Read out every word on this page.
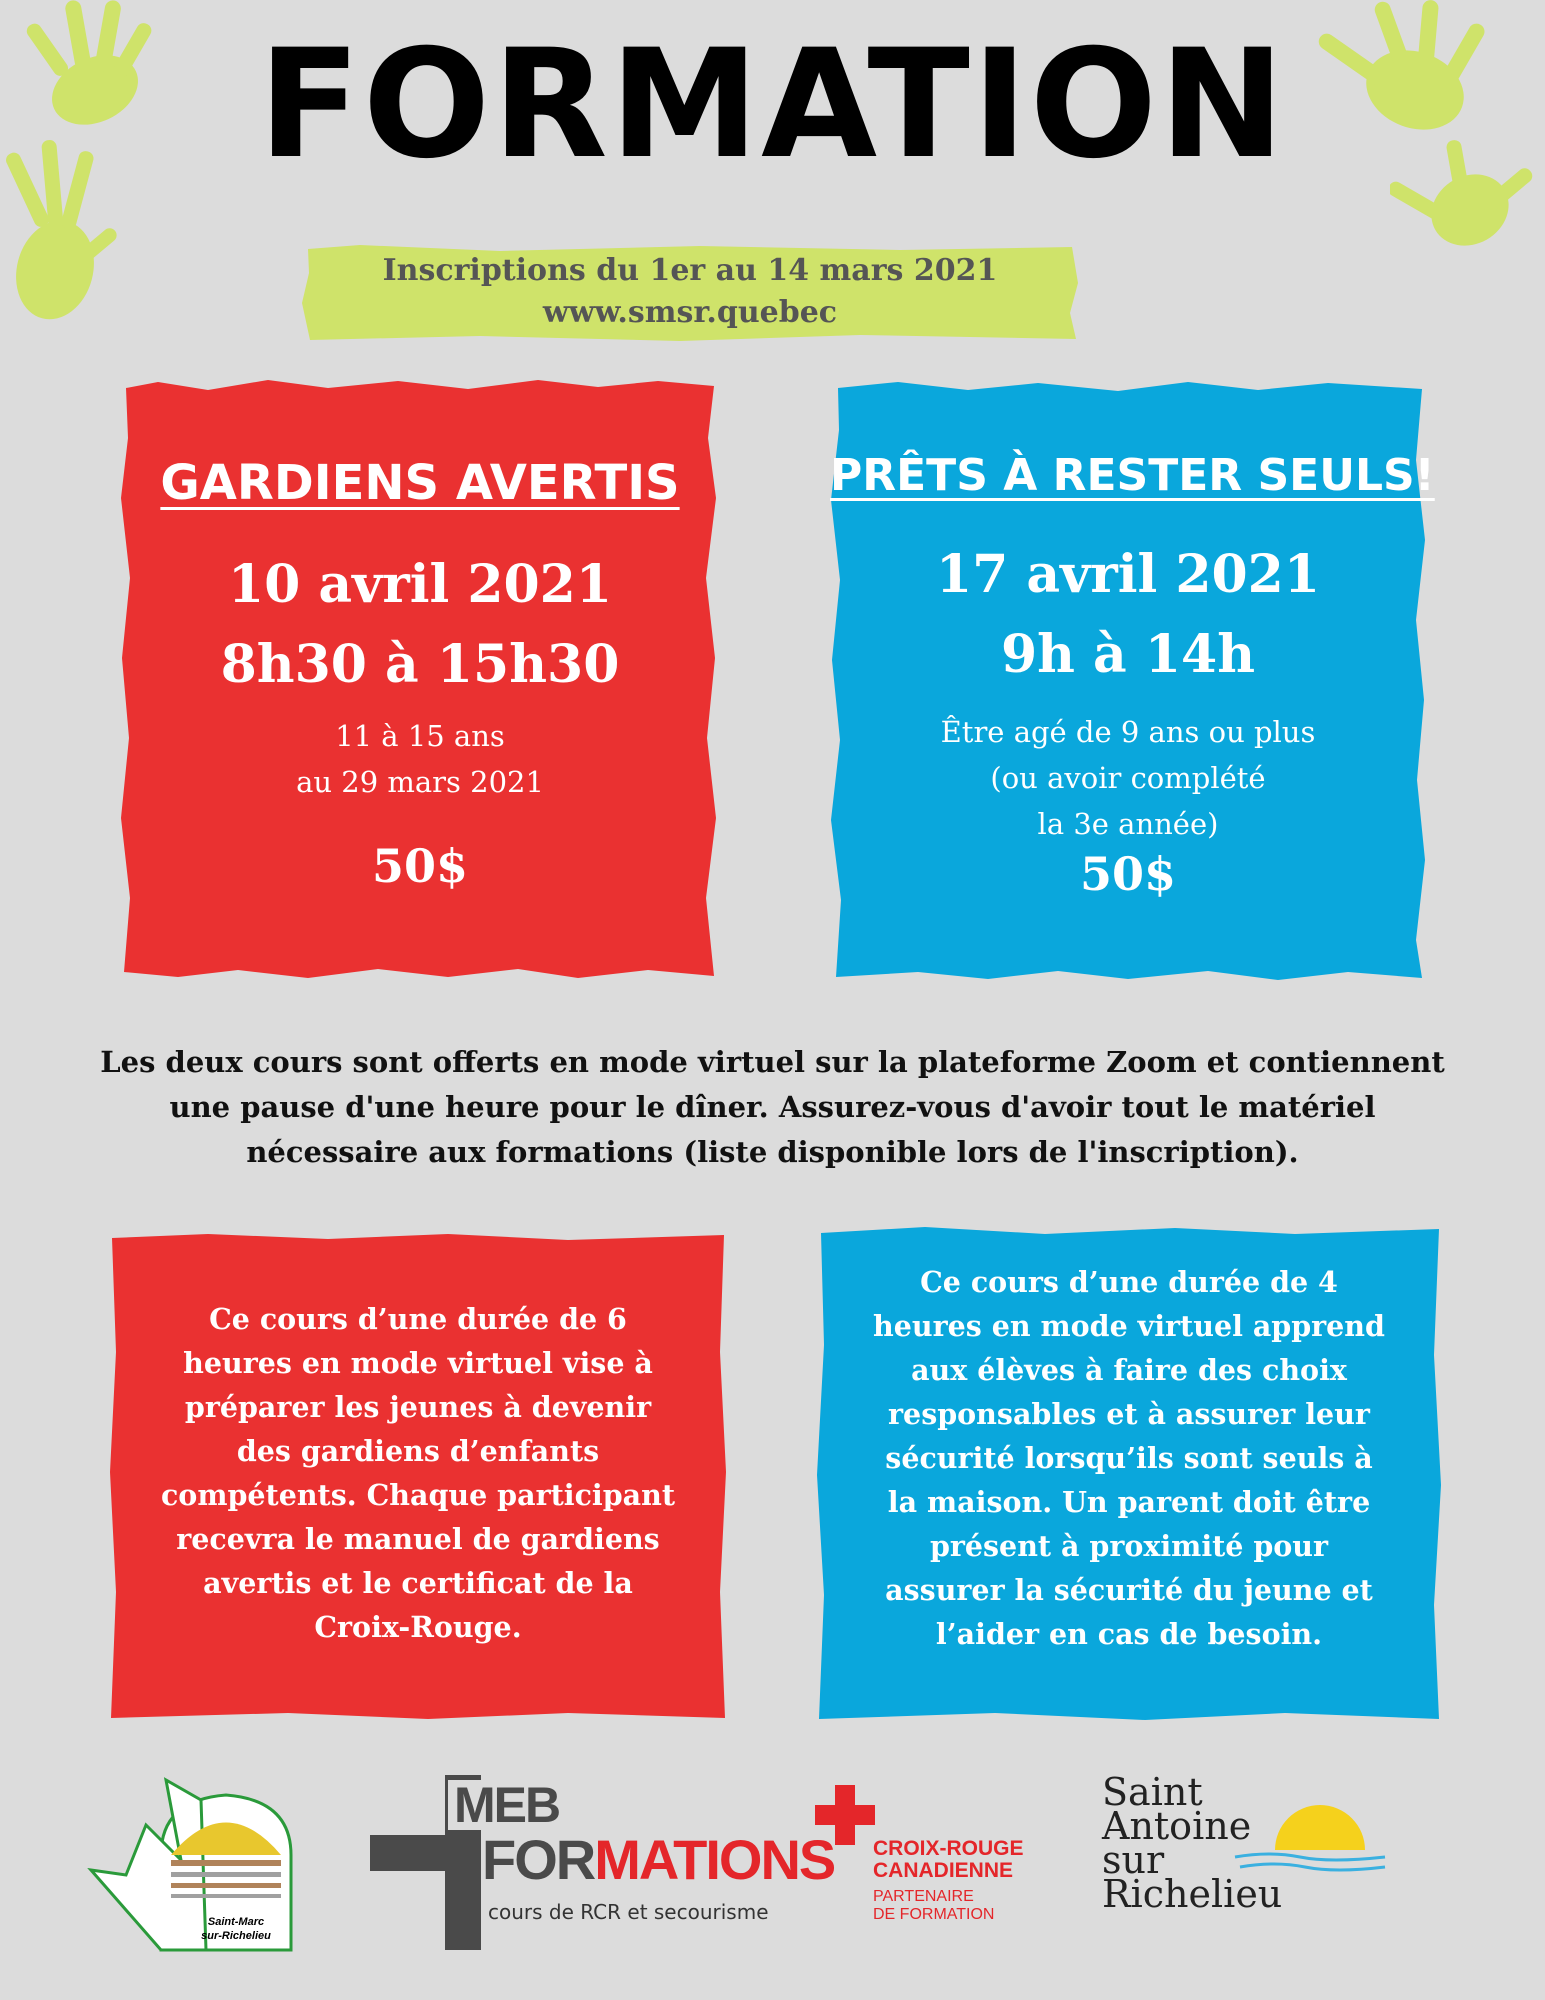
FORMATION
Inscriptions du 1er au 14 mars 2021
www.smsr.quebec
GARDIENS AVERTIS
10 avril 2021
8h30 à 15h30
11 à 15 ans
au 29 mars 2021
50$
PRÊTS À RESTER SEULS!
17 avril 2021
9h à 14h
Être agé de 9 ans ou plus
(ou avoir complété
la 3e année)
50$
Les deux cours sont offerts en mode virtuel sur la plateforme Zoom et contiennent une pause d'une heure pour le dîner. Assurez-vous d'avoir tout le matériel nécessaire aux formations (liste disponible lors de l'inscription).
Ce cours d’une durée de 6 heures en mode virtuel vise à préparer les jeunes à devenir des gardiens d’enfants compétents. Chaque participant recevra le manuel de gardiens avertis et le certificat de la Croix-Rouge.
Ce cours d’une durée de 4 heures en mode virtuel apprend aux élèves à faire des choix responsables et à assurer leur sécurité lorsqu’ils sont seuls à la maison. Un parent doit être présent à proximité pour assurer la sécurité du jeune et l’aider en cas de besoin.
Saint-Marc
sur-Richelieu
MEB
FORMATIONS
cours de RCR et secourisme
CROIX-ROUGE
CANADIENNE
PARTENAIRE
DE FORMATION
Saint
Antoine
sur
Richelieu
